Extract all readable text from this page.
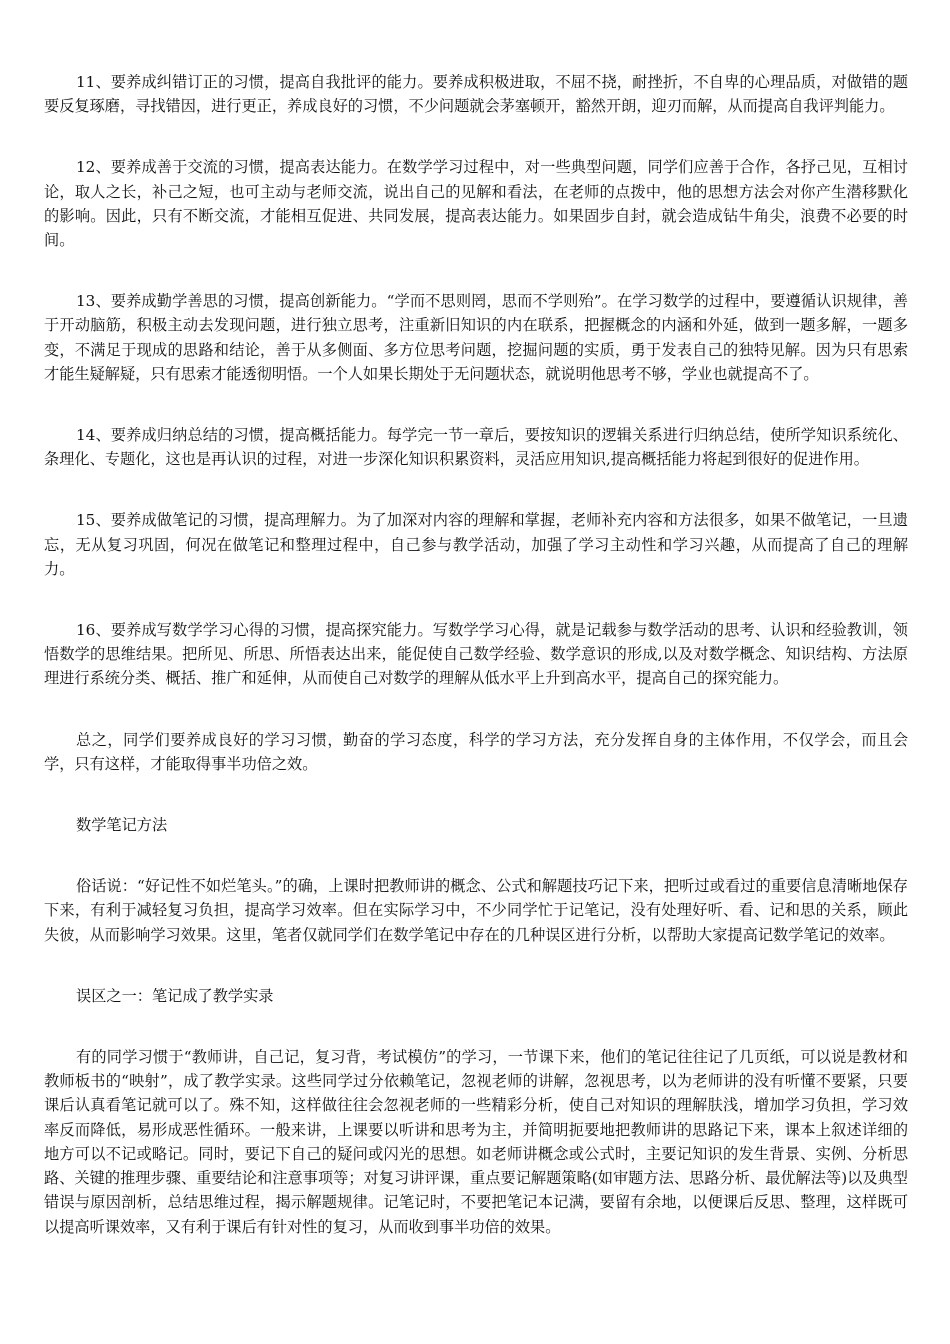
11、要养成纠错订正的习惯，提高自我批评的能力。要养成积极进取，不屈不挠，耐挫折，不自卑的心理品质，对做错的题要反复琢磨，寻找错因，进行更正，养成良好的习惯，不少问题就会茅塞顿开，豁然开朗，迎刃而解，从而提高自我评判能力。

12、要养成善于交流的习惯，提高表达能力。在数学学习过程中，对一些典型问题，同学们应善于合作，各抒己见，互相讨论，取人之长，补己之短，也可主动与老师交流，说出自己的见解和看法，在老师的点拨中，他的思想方法会对你产生潜移默化的影响。因此，只有不断交流，才能相互促进、共同发展，提高表达能力。如果固步自封，就会造成钻牛角尖，浪费不必要的时间。

13、要养成勤学善思的习惯，提高创新能力。“学而不思则罔，思而不学则殆”。在学习数学的过程中，要遵循认识规律，善于开动脑筋，积极主动去发现问题，进行独立思考，注重新旧知识的内在联系，把握概念的内涵和外延，做到一题多解，一题多变，不满足于现成的思路和结论，善于从多侧面、多方位思考问题，挖掘问题的实质，勇于发表自己的独特见解。因为只有思索才能生疑解疑，只有思索才能透彻明悟。一个人如果长期处于无问题状态，就说明他思考不够，学业也就提高不了。

14、要养成归纳总结的习惯，提高概括能力。每学完一节一章后，要按知识的逻辑关系进行归纳总结，使所学知识系统化、条理化、专题化，这也是再认识的过程，对进一步深化知识积累资料，灵活应用知识,提高概括能力将起到很好的促进作用。

15、要养成做笔记的习惯，提高理解力。为了加深对内容的理解和掌握，老师补充内容和方法很多，如果不做笔记，一旦遗忘，无从复习巩固，何况在做笔记和整理过程中，自己参与教学活动，加强了学习主动性和学习兴趣，从而提高了自己的理解力。

16、要养成写数学学习心得的习惯，提高探究能力。写数学学习心得，就是记载参与数学活动的思考、认识和经验教训，领悟数学的思维结果。把所见、所思、所悟表达出来，能促使自己数学经验、数学意识的形成,以及对数学概念、知识结构、方法原理进行系统分类、概括、推广和延伸，从而使自己对数学的理解从低水平上升到高水平，提高自己的探究能力。

总之，同学们要养成良好的学习习惯，勤奋的学习态度，科学的学习方法，充分发挥自身的主体作用，不仅学会，而且会学，只有这样，才能取得事半功倍之效。

数学笔记方法

俗话说：“好记性不如烂笔头。”的确，上课时把教师讲的概念、公式和解题技巧记下来，把听过或看过的重要信息清晰地保存下来，有利于减轻复习负担，提高学习效率。但在实际学习中，不少同学忙于记笔记，没有处理好听、看、记和思的关系，顾此失彼，从而影响学习效果。这里，笔者仅就同学们在数学笔记中存在的几种误区进行分析，以帮助大家提高记数学笔记的效率。

误区之一：笔记成了教学实录

有的同学习惯于“教师讲，自己记，复习背，考试模仿”的学习，一节课下来，他们的笔记往往记了几页纸，可以说是教材和教师板书的“映射”，成了教学实录。这些同学过分依赖笔记，忽视老师的讲解，忽视思考，以为老师讲的没有听懂不要紧，只要课后认真看笔记就可以了。殊不知，这样做往往会忽视老师的一些精彩分析，使自己对知识的理解肤浅，增加学习负担，学习效率反而降低，易形成恶性循环。一般来讲，上课要以听讲和思考为主，并简明扼要地把教师讲的思路记下来，课本上叙述详细的地方可以不记或略记。同时，要记下自己的疑问或闪光的思想。如老师讲概念或公式时，主要记知识的发生背景、实例、分析思路、关键的推理步骤、重要结论和注意事项等；对复习讲评课，重点要记解题策略(如审题方法、思路分析、最优解法等)以及典型错误与原因剖析，总结思维过程，揭示解题规律。记笔记时，不要把笔记本记满，要留有余地，以便课后反思、整理，这样既可以提高听课效率，又有利于课后有针对性的复习，从而收到事半功倍的效果。
